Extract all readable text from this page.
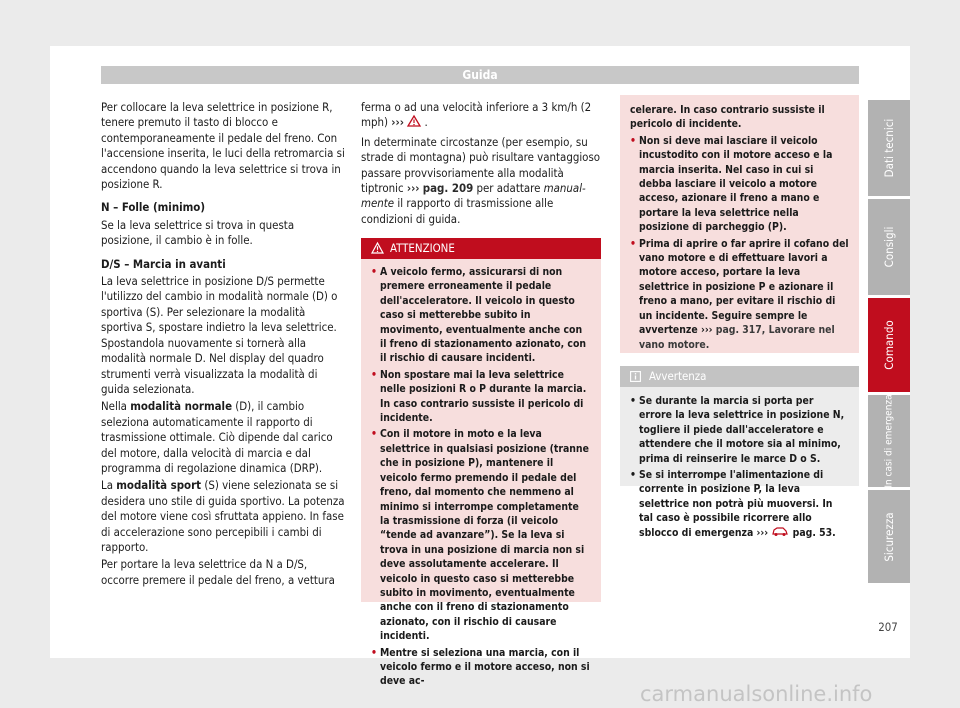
Guida

Per collocare la leva selettrice in posizione R, tenere premuto il tasto di blocco e contemporaneamente il pedale del freno. Con l'accensione inserita, le luci della retromarcia si accendono quando la leva selettrice si trova in posizione R.

N – Folle (minimo)

Se la leva selettrice si trova in questa posizione, il cambio è in folle.

D/S – Marcia in avanti

La leva selettrice in posizione D/S permette l'utilizzo del cambio in modalità normale (D) o sportiva (S). Per selezionare la modalità sportiva S, spostare indietro la leva selettrice. Spostandola nuovamente si tornerà alla modalità normale D. Nel display del quadro strumenti verrà visualizzata la modalità di guida selezionata.

Nella modalità normale (D), il cambio seleziona automaticamente il rapporto di trasmissione ottimale. Ciò dipende dal carico del motore, dalla velocità di marcia e dal programma di regolazione dinamica (DRP).

La modalità sport (S) viene selezionata se si desidera uno stile di guida sportivo. La potenza del motore viene così sfruttata appieno. In fase di accelerazione sono percepibili i cambi di rapporto.

Per portare la leva selettrice da N a D/S, occorre premere il pedale del freno, a vettura

ferma o ad una velocità inferiore a 3 km/h (2 mph) ››› .

In determinate circostanze (per esempio, su strade di montagna) può risultare vantaggioso passare provvisoriamente alla modalità tiptronic ››› pag. 209 per adattare manual-mente il rapporto di trasmissione alle condizioni di guida.

ATTENZIONE
• A veicolo fermo, assicurarsi di non premere erroneamente il pedale dell'acceleratore. Il veicolo in questo caso si metterebbe subito in movimento, eventualmente anche con il freno di stazionamento azionato, con il rischio di causare incidenti.
• Non spostare mai la leva selettrice nelle posizioni R o P durante la marcia. In caso contrario sussiste il pericolo di incidente.
• Con il motore in moto e la leva selettrice in qualsiasi posizione (tranne che in posizione P), mantenere il veicolo fermo premendo il pedale del freno, dal momento che nemmeno al minimo si interrompe completamente la trasmissione di forza (il veicolo “tende ad avanzare”). Se la leva si trova in una posizione di marcia non si deve assolutamente accelerare. Il veicolo in questo caso si metterebbe subito in movimento, eventualmente anche con il freno di stazionamento azionato, con il rischio di causare incidenti.
• Mentre si seleziona una marcia, con il veicolo fermo e il motore acceso, non si deve ac-

celerare. In caso contrario sussiste il pericolo di incidente.

• Non si deve mai lasciare il veicolo incustodito con il motore acceso e la marcia inserita. Nel caso in cui si debba lasciare il veicolo a motore acceso, azionare il freno a mano e portare la leva selettrice nella posizione di parcheggio (P).
• Prima di aprire o far aprire il cofano del vano motore e di effettuare lavori a motore acceso, portare la leva selettrice in posizione P e azionare il freno a mano, per evitare il rischio di un incidente. Seguire sempre le avvertenze ››› pag. 317, Lavorare nel vano motore.
Avvertenza
• Se durante la marcia si porta per errore la leva selettrice in posizione N, togliere il piede dall'acceleratore e attendere che il motore sia al minimo, prima di reinserire le marce D o S.
• Se si interrompe l'alimentazione di corrente in posizione P, la leva selettrice non potrà più muoversi. In tal caso è possibile ricorrere allo sblocco di emergenza ››› pag. 53.
Dati tecnici
Consigli
Comando
In casi di emergenza
Sicurezza
207
carmanualsonline.info
